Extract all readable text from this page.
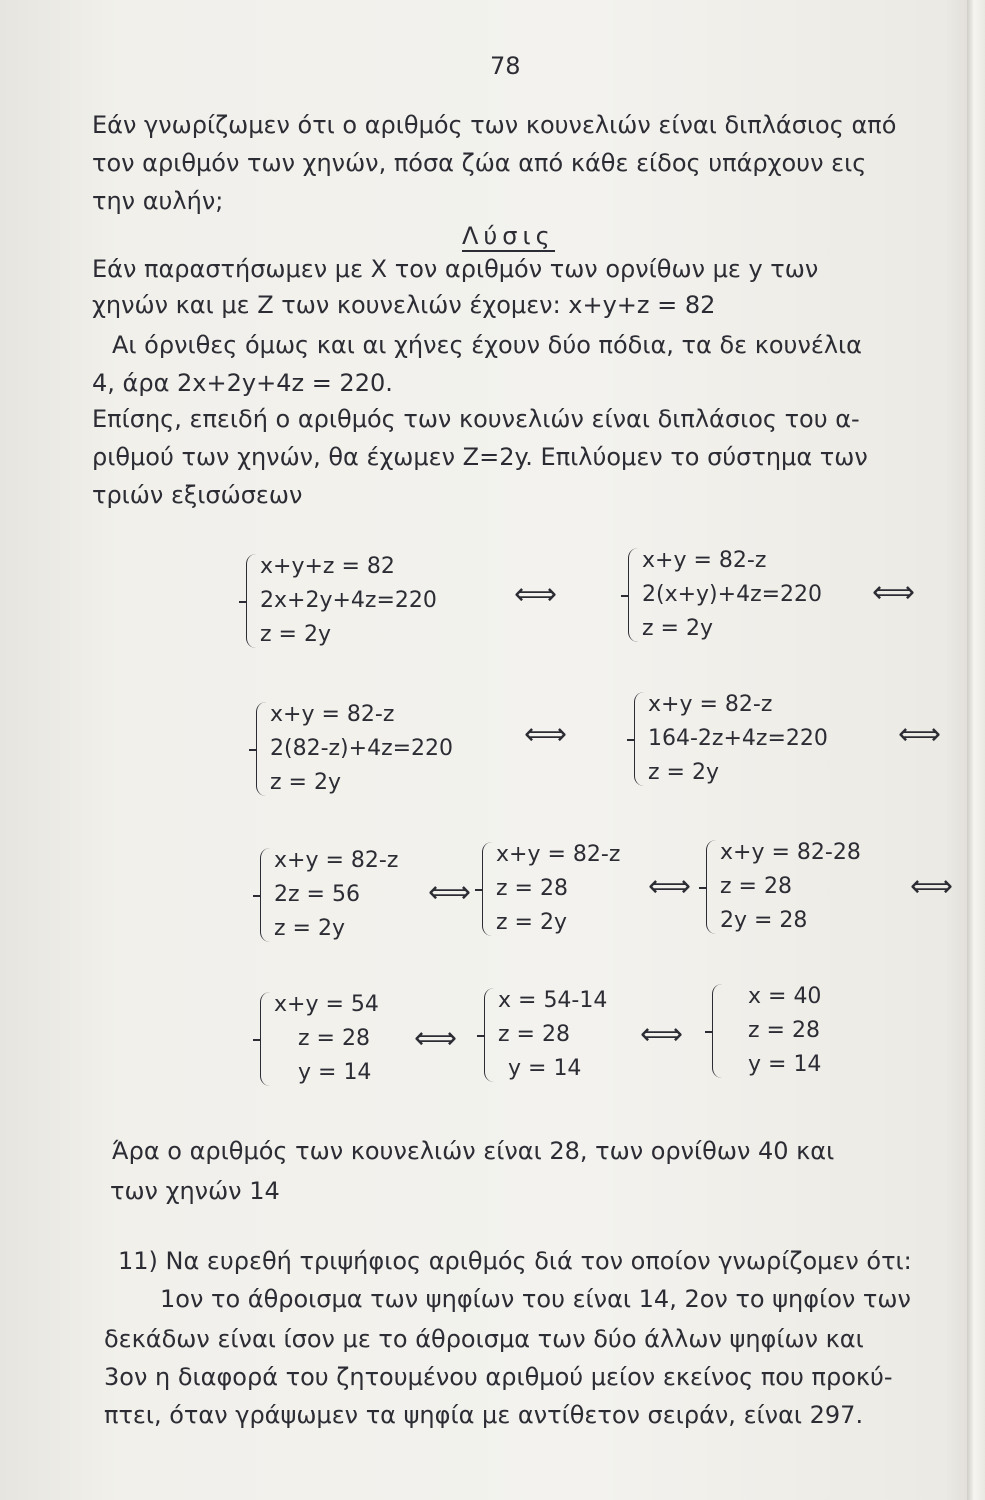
78
Εάν γνωρίζωμεν ότι ο αριθμός των κουνελιών είναι διπλάσιος από
τον αριθμόν των χηνών, πόσα ζώα από κάθε είδος υπάρχουν εις
την αυλήν;
Λύσις
Εάν παραστήσωμεν με X τον αριθμόν των ορνίθων με y των
χηνών και με Z των κουνελιών έχομεν: x+y+z = 82
Αι όρνιθες όμως και αι χήνες έχουν δύο πόδια, τα δε κουνέλια
4, άρα 2x+2y+4z = 220.
Επίσης, επειδή ο αριθμός των κουνελιών είναι διπλάσιος του α-
ριθμού των χηνών, θα έχωμεν Z=2y. Επιλύομεν το σύστημα των
τριών εξισώσεων
x+y+z = 82
2x+2y+4z=220
z = 2y
⟺
x+y = 82-z
2(x+y)+4z=220
z = 2y
⟺
x+y = 82-z
2(82-z)+4z=220
z = 2y
⟺
x+y = 82-z
164-2z+4z=220
z = 2y
⟺
x+y = 82-z
2z = 56
z = 2y
⟺
x+y = 82-z
z = 28
z = 2y
⟺
x+y = 82-28
z = 28
2y = 28
⟺
x+y = 54
z = 28
y = 14
⟺
x = 54-14
z = 28
y = 14
⟺
x = 40
z = 28
y = 14
Άρα ο αριθμός των κουνελιών είναι 28, των ορνίθων 40 και
των χηνών 14
11) Να ευρεθή τριψήφιος αριθμός διά τον οποίον γνωρίζομεν ότι:
1ον το άθροισμα των ψηφίων του είναι 14, 2ον το ψηφίον των
δεκάδων είναι ίσον με το άθροισμα των δύο άλλων ψηφίων και
3ον η διαφορά του ζητουμένου αριθμού μείον εκείνος που προκύ-
πτει, όταν γράψωμεν τα ψηφία με αντίθετον σειράν, είναι 297.
